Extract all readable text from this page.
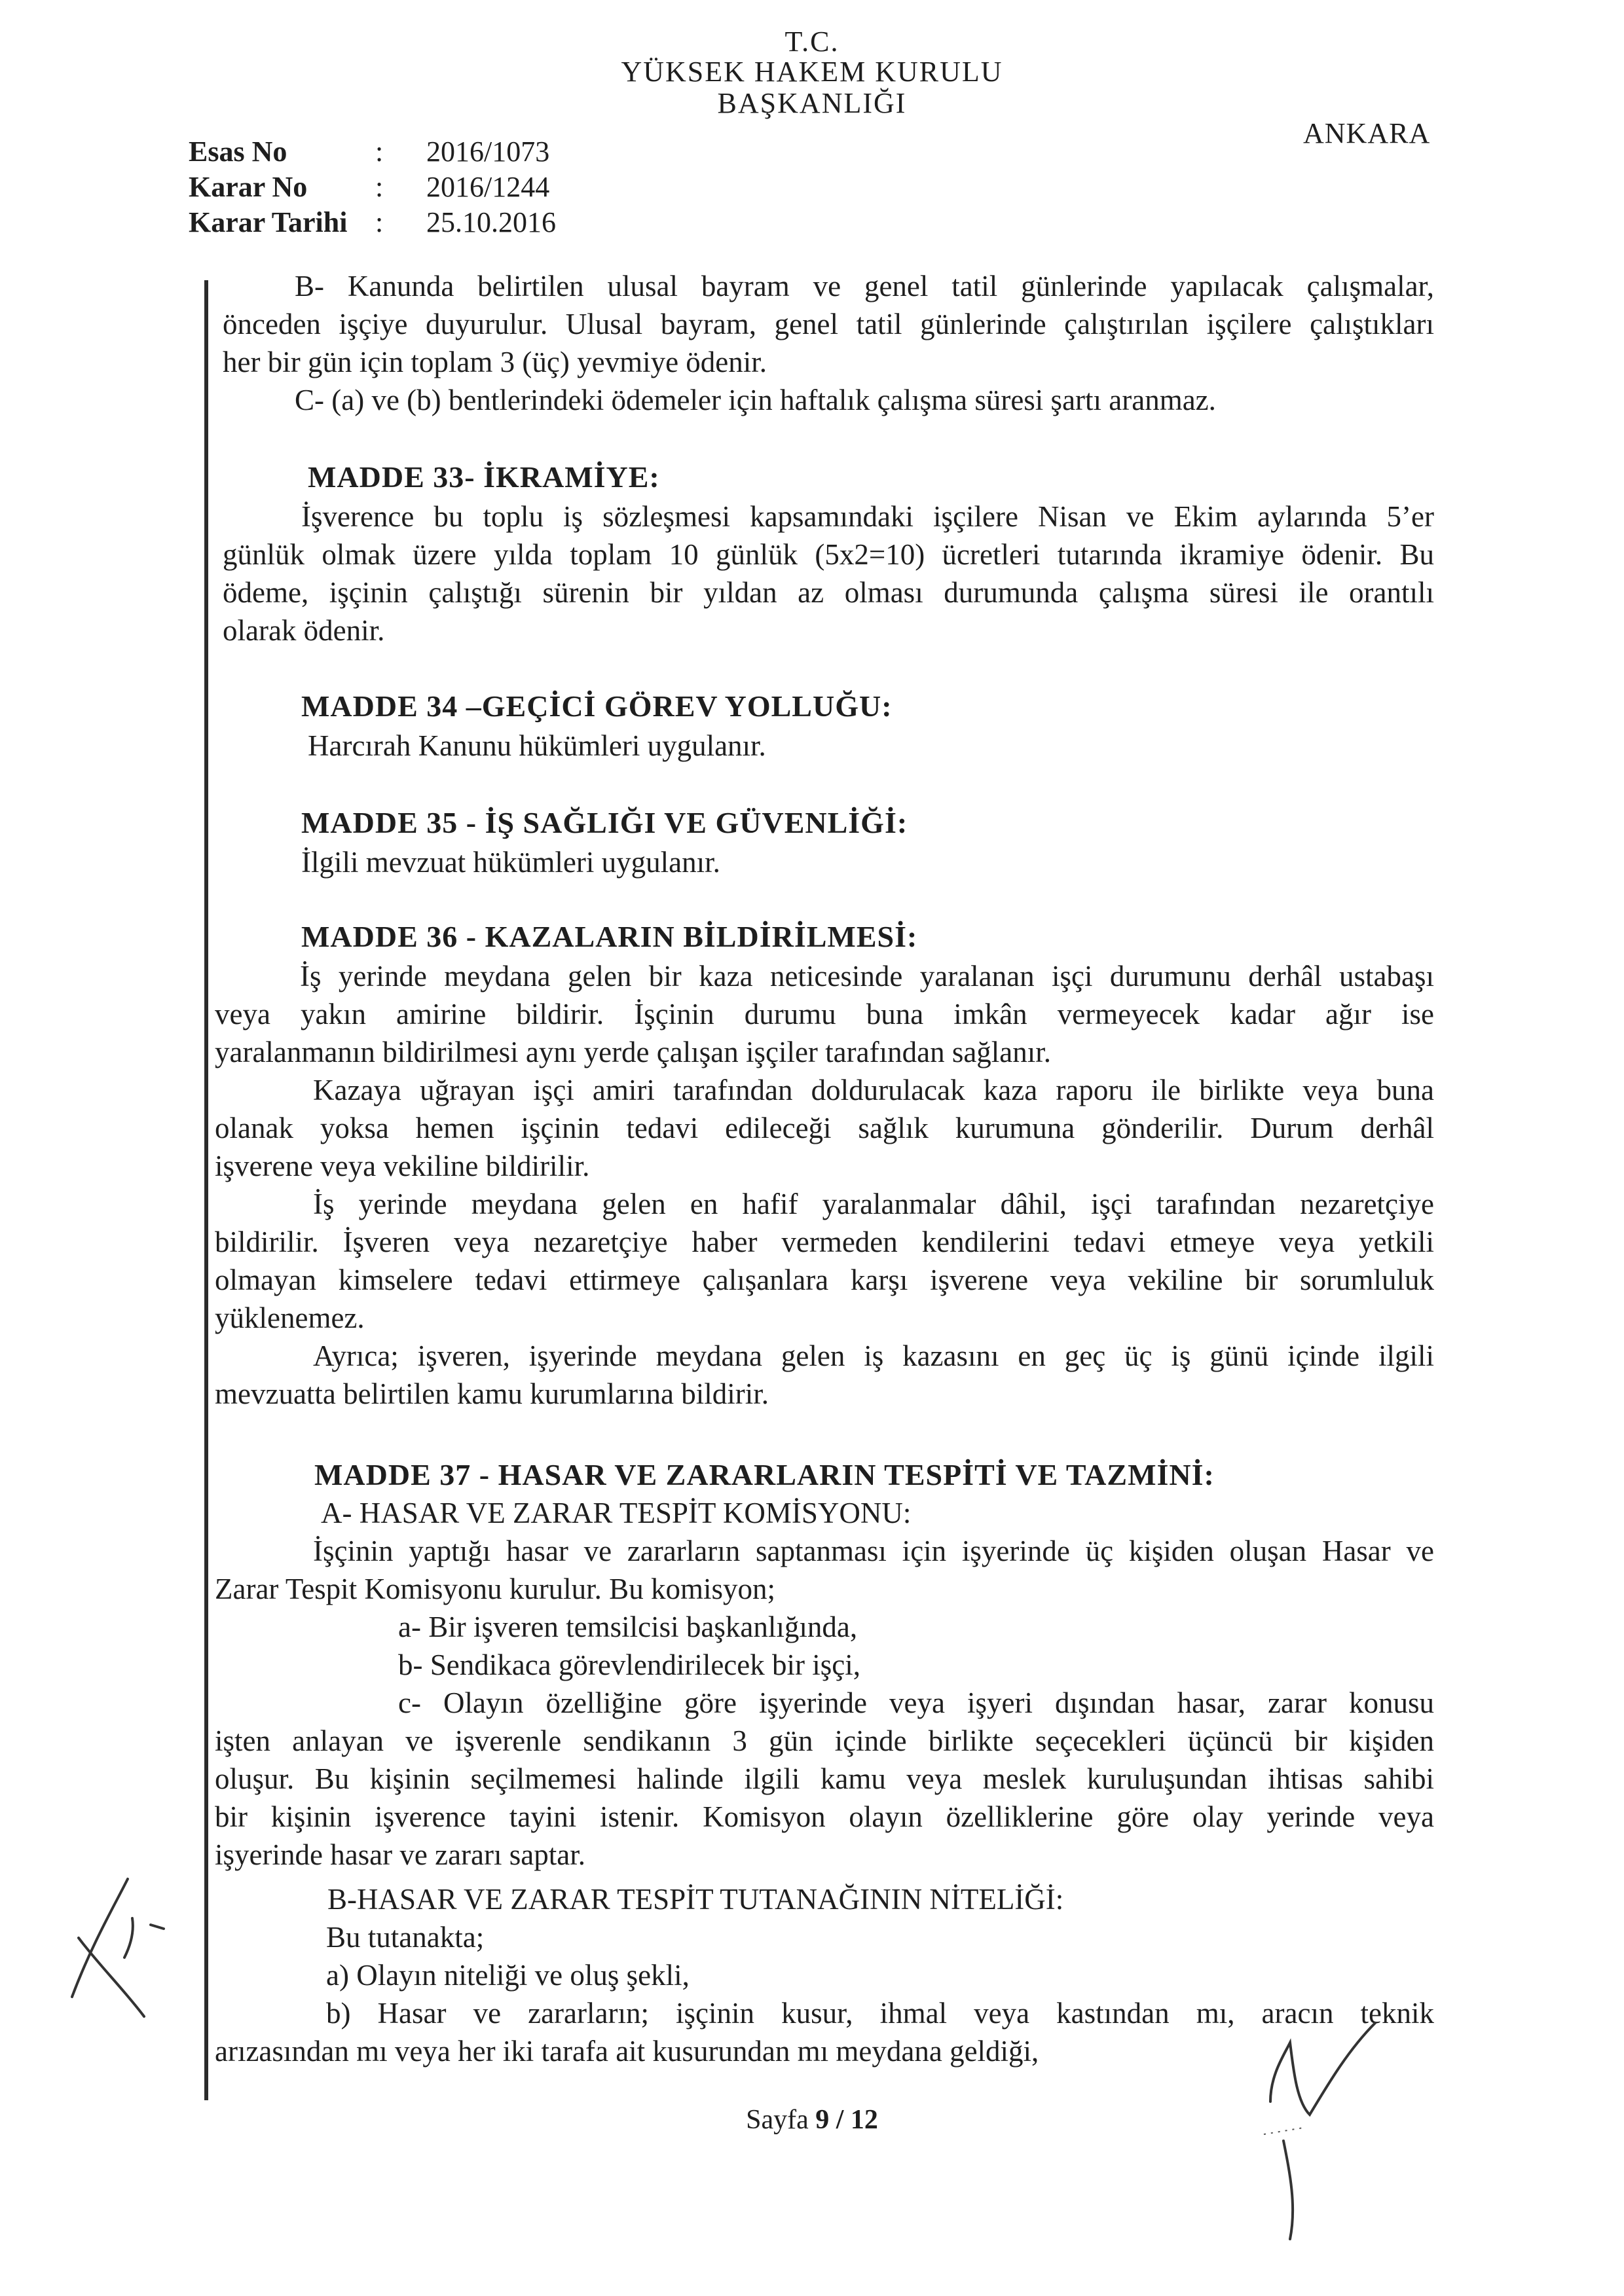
T.C.
YÜKSEK HAKEM KURULU
BAŞKANLIĞI
ANKARA
Esas No	: 2016/1073
Karar No : 2016/1244
Karar Tarihi : 25.10.2016
B- Kanunda belirtilen ulusal bayram ve genel tatil günlerinde yapılacak çalışmalar,
önceden işçiye duyurulur. Ulusal bayram, genel tatil günlerinde çalıştırılan işçilere çalıştıkları
her bir gün için toplam 3 (üç) yevmiye ödenir.
C- (a) ve (b) bentlerindeki ödemeler için haftalık çalışma süresi şartı aranmaz.
MADDE 33- İKRAMİYE:
İşverence bu toplu iş sözleşmesi kapsamındaki işçilere Nisan ve Ekim aylarında 5’er
günlük olmak üzere yılda toplam 10 günlük (5x2=10) ücretleri tutarında ikramiye ödenir. Bu
ödeme, işçinin çalıştığı sürenin bir yıldan az olması durumunda çalışma süresi ile orantılı
olarak ödenir.
MADDE 34 –GEÇİCİ GÖREV YOLLUĞU:
Harcırah Kanunu hükümleri uygulanır.
MADDE 35 - İŞ SAĞLIĞI VE GÜVENLİĞİ:
İlgili mevzuat hükümleri uygulanır.
MADDE 36 - KAZALARIN BİLDİRİLMESİ:
İş yerinde meydana gelen bir kaza neticesinde yaralanan işçi durumunu derhâl ustabaşı
veya yakın amirine bildirir. İşçinin durumu buna imkân vermeyecek kadar ağır ise
yaralanmanın bildirilmesi aynı yerde çalışan işçiler tarafından sağlanır.
Kazaya uğrayan işçi amiri tarafından doldurulacak kaza raporu ile birlikte veya buna
olanak yoksa hemen işçinin tedavi edileceği sağlık kurumuna gönderilir. Durum derhâl
işverene veya vekiline bildirilir.
İş yerinde meydana gelen en hafif yaralanmalar dâhil, işçi tarafından nezaretçiye
bildirilir. İşveren veya nezaretçiye haber vermeden kendilerini tedavi etmeye veya yetkili
olmayan kimselere tedavi ettirmeye çalışanlara karşı işverene veya vekiline bir sorumluluk
yüklenemez.
Ayrıca; işveren, işyerinde meydana gelen iş kazasını en geç üç iş günü içinde ilgili
mevzuatta belirtilen kamu kurumlarına bildirir.
MADDE 37 - HASAR VE ZARARLARIN TESPİTİ VE TAZMİNİ:
A- HASAR VE ZARAR TESPİT KOMİSYONU:
İşçinin yaptığı hasar ve zararların saptanması için işyerinde üç kişiden oluşan Hasar ve
Zarar Tespit Komisyonu kurulur. Bu komisyon;
a- Bir işveren temsilcisi başkanlığında,
b- Sendikaca görevlendirilecek bir işçi,
c- Olayın özelliğine göre işyerinde veya işyeri dışından hasar, zarar konusu
işten anlayan ve işverenle sendikanın 3 gün içinde birlikte seçecekleri üçüncü bir kişiden
oluşur. Bu kişinin seçilmemesi halinde ilgili kamu veya meslek kuruluşundan ihtisas sahibi
bir kişinin işverence tayini istenir. Komisyon olayın özelliklerine göre olay yerinde veya
işyerinde hasar ve zararı saptar.
B-HASAR VE ZARAR TESPİT TUTANAĞININ NİTELİĞİ:
Bu tutanakta;
a) Olayın niteliği ve oluş şekli,
b) Hasar ve zararların; işçinin kusur, ihmal veya kastından mı, aracın teknik
arızasından mı veya her iki tarafa ait kusurundan mı meydana geldiği,
Sayfa 9 / 12
